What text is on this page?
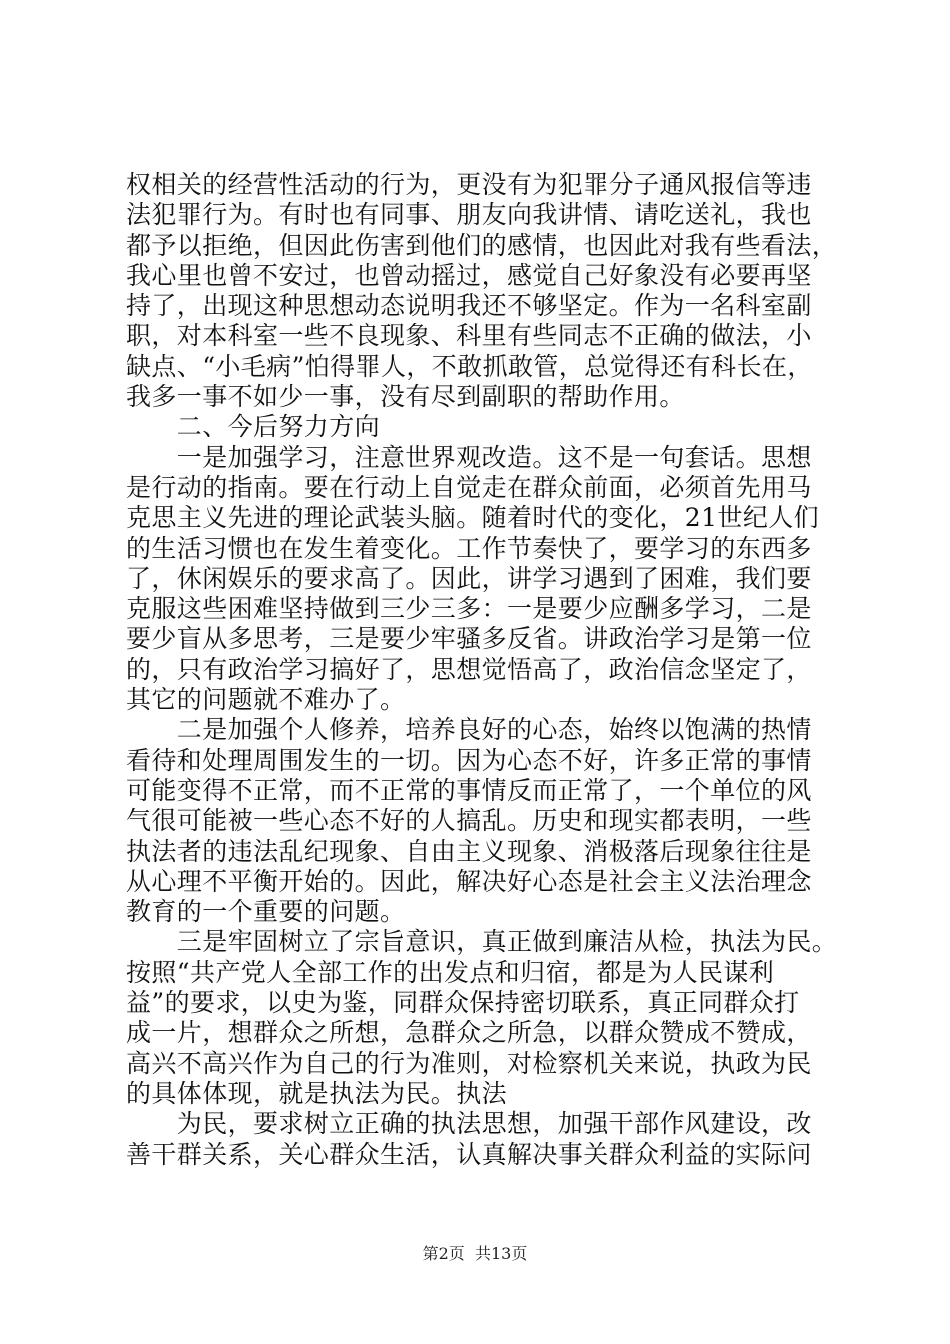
权相关的经营性活动的行为，更没有为犯罪分子通风报信等违
法犯罪行为。有时也有同事、朋友向我讲情、请吃送礼，我也
都予以拒绝，但因此伤害到他们的感情，也因此对我有些看法，
我心里也曾不安过，也曾动摇过，感觉自己好象没有必要再坚
持了，出现这种思想动态说明我还不够坚定。作为一名科室副
职，对本科室一些不良现象、科里有些同志不正确的做法，小
缺点、“小毛病”怕得罪人，不敢抓敢管，总觉得还有科长在，
我多一事不如少一事，没有尽到副职的帮助作用。
　　二、今后努力方向
　　一是加强学习，注意世界观改造。这不是一句套话。思想
是行动的指南。要在行动上自觉走在群众前面，必须首先用马
克思主义先进的理论武装头脑。随着时代的变化，21世纪人们
的生活习惯也在发生着变化。工作节奏快了，要学习的东西多
了，休闲娱乐的要求高了。因此，讲学习遇到了困难，我们要
克服这些困难坚持做到三少三多：一是要少应酬多学习，二是
要少盲从多思考，三是要少牢骚多反省。讲政治学习是第一位
的，只有政治学习搞好了，思想觉悟高了，政治信念坚定了，
其它的问题就不难办了。
　　二是加强个人修养，培养良好的心态，始终以饱满的热情
看待和处理周围发生的一切。因为心态不好，许多正常的事情
可能变得不正常，而不正常的事情反而正常了，一个单位的风
气很可能被一些心态不好的人搞乱。历史和现实都表明，一些
执法者的违法乱纪现象、自由主义现象、消极落后现象往往是
从心理不平衡开始的。因此，解决好心态是社会主义法治理念
教育的一个重要的问题。
　　三是牢固树立了宗旨意识，真正做到廉洁从检，执法为民。
按照“共产党人全部工作的出发点和归宿，都是为人民谋利
益”的要求，以史为鉴，同群众保持密切联系，真正同群众打
成一片，想群众之所想，急群众之所急，以群众赞成不赞成，
高兴不高兴作为自己的行为准则，对检察机关来说，执政为民
的具体体现，就是执法为民。执法
　　为民，要求树立正确的执法思想，加强干部作风建设，改
善干群关系，关心群众生活，认真解决事关群众利益的实际问
第2页 共13页
